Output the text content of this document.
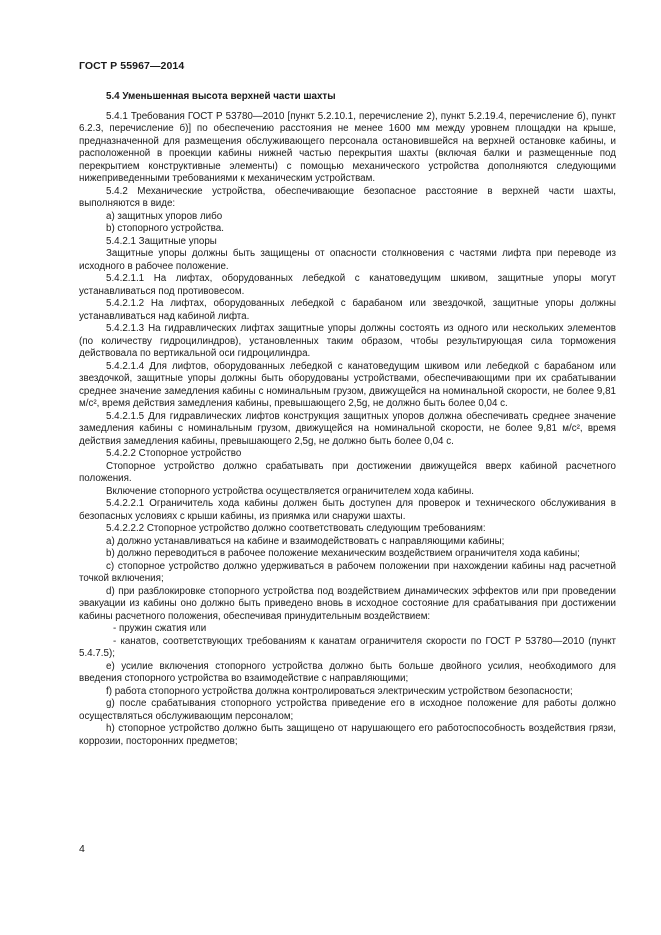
ГОСТ Р 55967—2014

5.4 Уменьшенная высота верхней части шахты

5.4.1 Требования ГОСТ Р 53780—2010 [пункт 5.2.10.1, перечисление 2), пункт 5.2.19.4, перечисление б), пункт 6.2.3, перечисление б)] по обеспечению расстояния не менее 1600 мм между уровнем площадки на крыше, предназначенной для размещения обслуживающего персонала остановившейся на верхней остановке кабины, и расположенной в проекции кабины нижней частью перекрытия шахты (включая балки и размещенные под перекрытием конструктивные элементы) с помощью механического устройства дополняются следующими нижеприведенными требованиями к механическим устройствам.

5.4.2 Механические устройства, обеспечивающие безопасное расстояние в верхней части шахты, выполняются в виде:

a) защитных упоров либо

b) стопорного устройства.

5.4.2.1 Защитные упоры

Защитные упоры должны быть защищены от опасности столкновения с частями лифта при переводе из исходного в рабочее положение.

5.4.2.1.1 На лифтах, оборудованных лебедкой с канатоведущим шкивом, защитные упоры могут устанавливаться под противовесом.

5.4.2.1.2 На лифтах, оборудованных лебедкой с барабаном или звездочкой, защитные упоры должны устанавливаться над кабиной лифта.

5.4.2.1.3 На гидравлических лифтах защитные упоры должны состоять из одного или нескольких элементов (по количеству гидроцилиндров), установленных таким образом, чтобы результирующая сила торможения действовала по вертикальной оси гидроцилиндра.

5.4.2.1.4 Для лифтов, оборудованных лебедкой с канатоведущим шкивом или лебедкой с барабаном или звездочкой, защитные упоры должны быть оборудованы устройствами, обеспечивающими при их срабатывании среднее значение замедления кабины с номинальным грузом, движущейся на номинальной скорости, не более 9,81 м/с², время действия замедления кабины, превышающего 2,5g, не должно быть более 0,04 с.

5.4.2.1.5 Для гидравлических лифтов конструкция защитных упоров должна обеспечивать среднее значение замедления кабины с номинальным грузом, движущейся на номинальной скорости, не более 9,81 м/с², время действия замедления кабины, превышающего 2,5g, не должно быть более 0,04 с.

5.4.2.2 Стопорное устройство

Стопорное устройство должно срабатывать при достижении движущейся вверх кабиной расчетного положения.

Включение стопорного устройства осуществляется ограничителем хода кабины.

5.4.2.2.1 Ограничитель хода кабины должен быть доступен для проверок и технического обслуживания в безопасных условиях с крыши кабины, из приямка или снаружи шахты.

5.4.2.2.2 Стопорное устройство должно соответствовать следующим требованиям:

a) должно устанавливаться на кабине и взаимодействовать с направляющими кабины;

b) должно переводиться в рабочее положение механическим воздействием ограничителя хода кабины;

c) стопорное устройство должно удерживаться в рабочем положении при нахождении кабины над расчетной точкой включения;

d) при разблокировке стопорного устройства под воздействием динамических эффектов или при проведении эвакуации из кабины оно должно быть приведено вновь в исходное состояние для срабатывания при достижении кабины расчетного положения, обеспечивая принудительным воздействием:

- пружин сжатия или

- канатов, соответствующих требованиям к канатам ограничителя скорости по ГОСТ Р 53780—2010 (пункт 5.4.7.5);

e) усилие включения стопорного устройства должно быть больше двойного усилия, необходимого для введения стопорного устройства во взаимодействие с направляющими;

f) работа стопорного устройства должна контролироваться электрическим устройством безопасности;

g) после срабатывания стопорного устройства приведение его в исходное положение для работы должно осуществляться обслуживающим персоналом;

h) стопорное устройство должно быть защищено от нарушающего его работоспособность воздействия грязи, коррозии, посторонних предметов;

4
